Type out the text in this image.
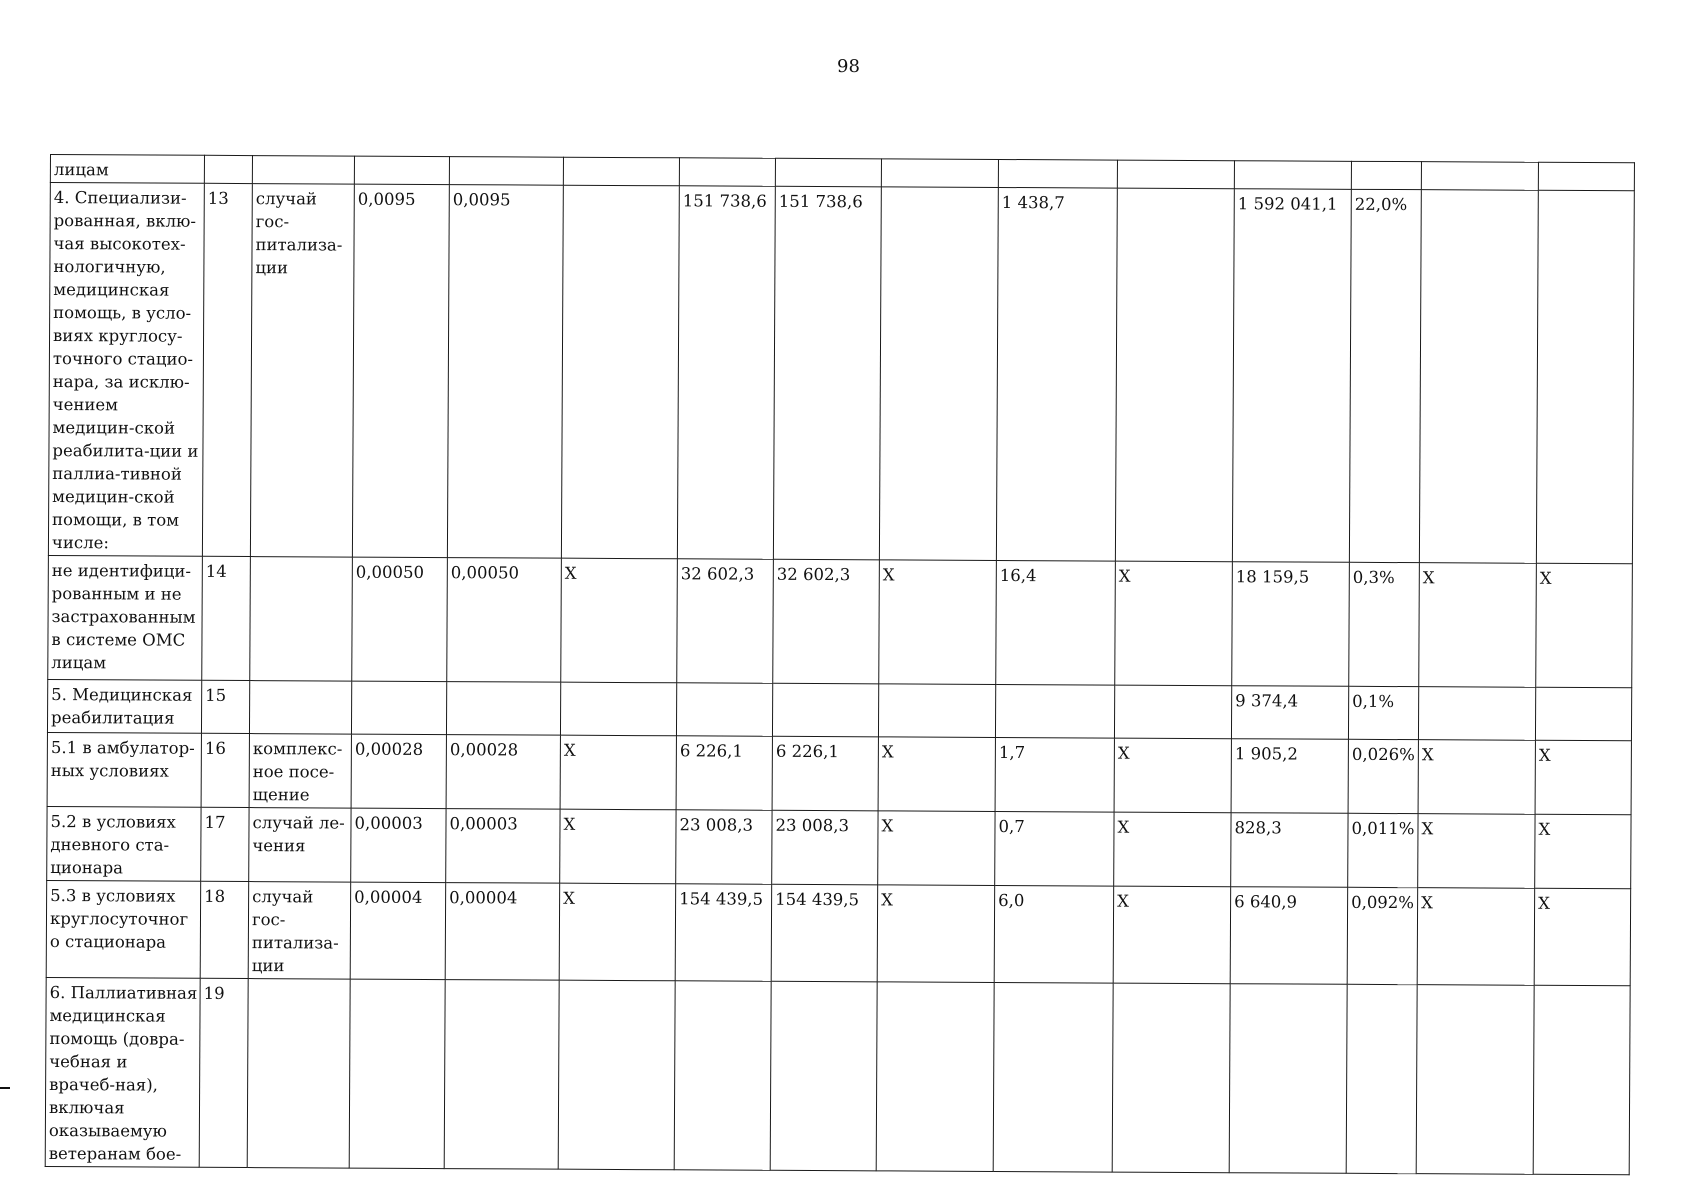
98
лицам														
4. Специализи-рованная, вклю-чая высокотех-нологичную, медицинская помощь, в усло-виях круглосу-точного стацио-нара, за исклю-чением медицин-ской реабилита-ции и паллиа-тивной медицин-ской помощи, в том числе:	13	случай гос-питализа-ции	0,0095	0,0095		151 738,6	151 738,6		1 438,7		1 592 041,1	22,0%		
не идентифици-рованным и не застрахованным в системе ОМС лицам	14		0,00050	0,00050	X	32 602,3	32 602,3	X	16,4	X	18 159,5	0,3%	X	X
5. Медицинская реабилитация	15										9 374,4	0,1%		
5.1 в амбулатор-ных условиях	16	комплекс-ное посе-щение	0,00028	0,00028	X	6 226,1	6 226,1	X	1,7	X	1 905,2	0,026%	X	X
5.2 в условиях дневного ста-ционара	17	случай ле-чения	0,00003	0,00003	X	23 008,3	23 008,3	X	0,7	X	828,3	0,011%	X	X
5.3 в условиях круглосуточного стационара	18	случай гос-питализа-ции	0,00004	0,00004	X	154 439,5	154 439,5	X	6,0	X	6 640,9	0,092%	X	X
6. Паллиативная медицинская помощь (довра-чебная и врачеб-ная), включая оказываемую ветеранам бое-	19													
